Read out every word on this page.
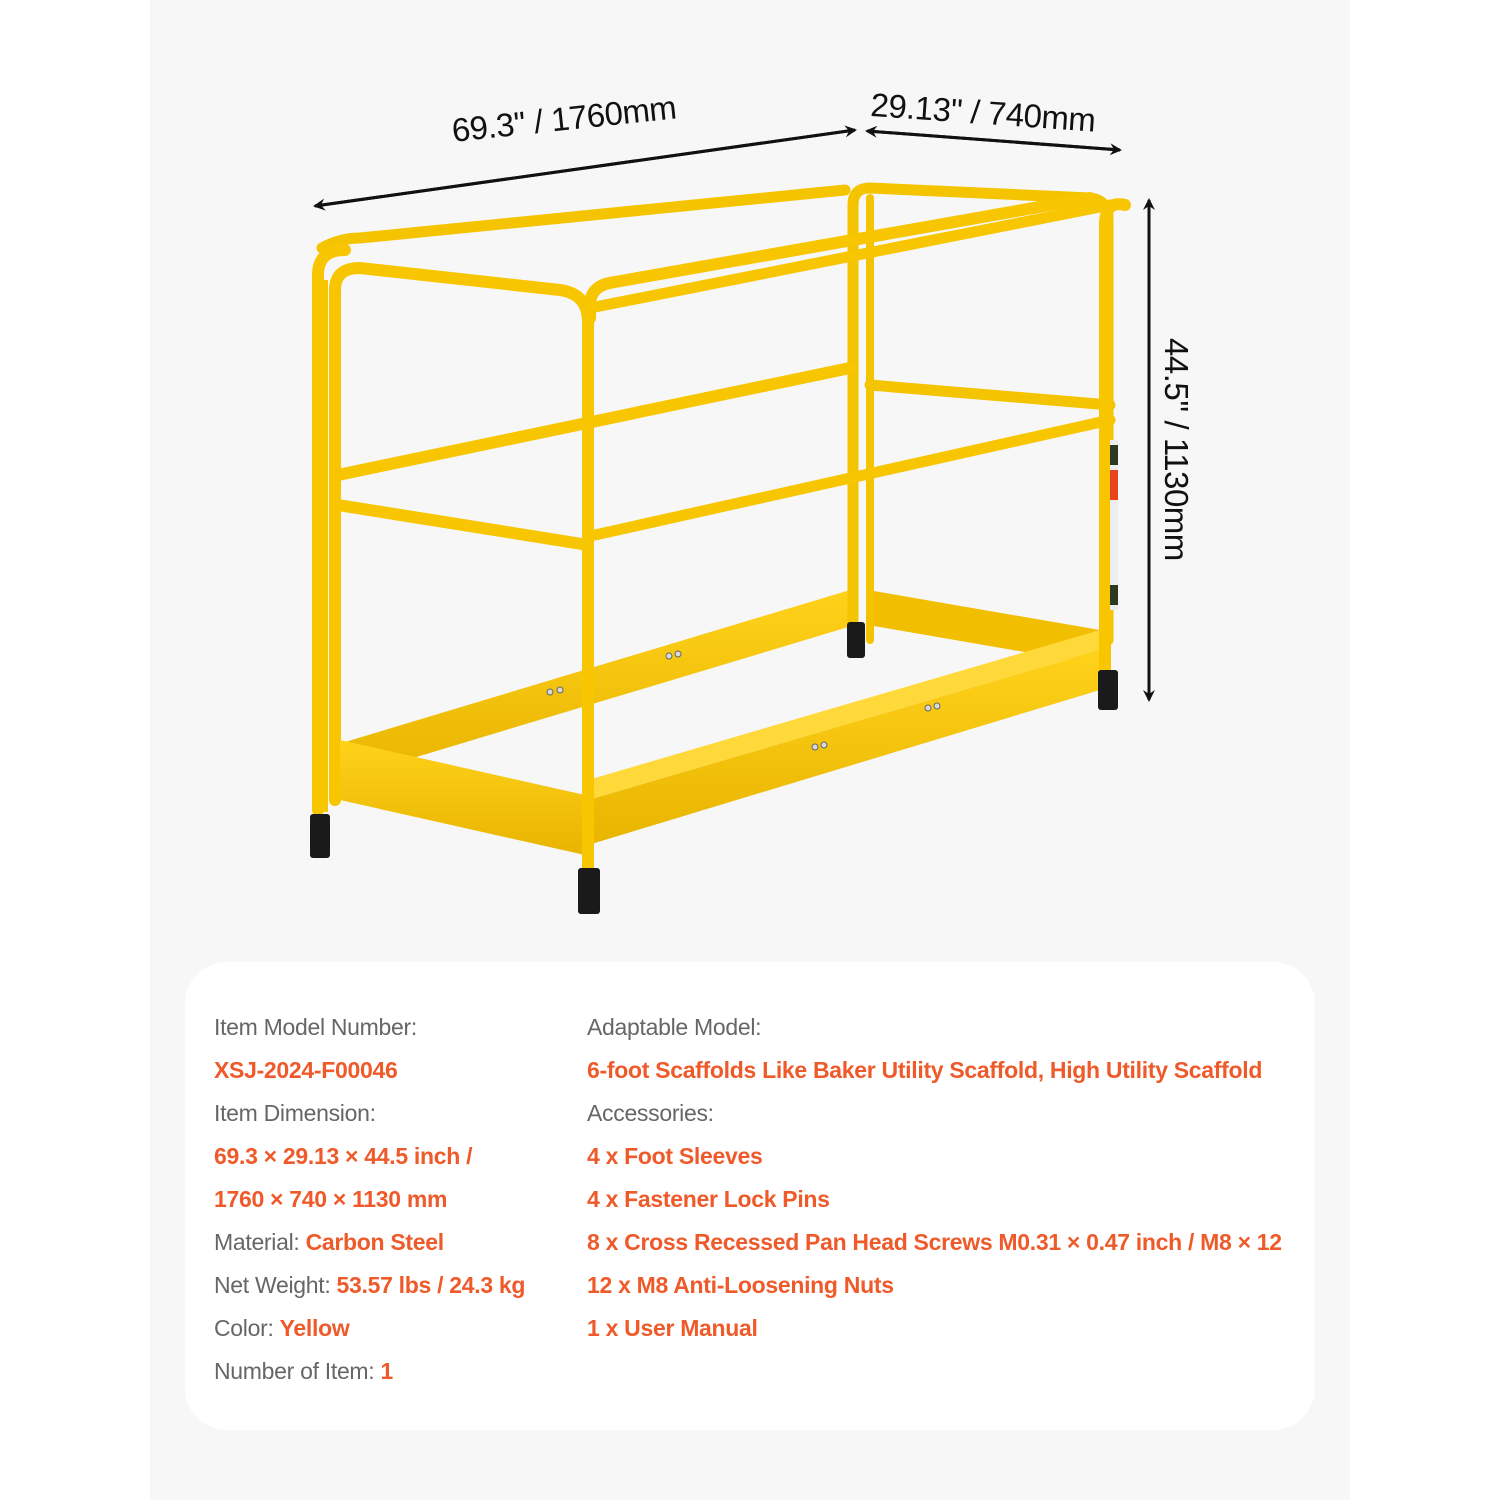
69.3'' / 1760mm	29.13'' / 740mm
44.5'' / 1130mm
Item Model Number:
XSJ-2024-F00046
Item Dimension:
69.3 × 29.13 × 44.5 inch /
1760 × 740 × 1130 mm
Material: Carbon Steel
Net Weight: 53.57 lbs / 24.3 kg
Color: Yellow
Number of Item: 1
Adaptable Model:
6-foot Scaffolds Like Baker Utility Scaffold, High Utility Scaffold
Accessories:
4 x Foot Sleeves
4 x Fastener Lock Pins
8 x Cross Recessed Pan Head Screws M0.31 × 0.47 inch / M8 × 12
12 x M8 Anti-Loosening Nuts
1 x User Manual
